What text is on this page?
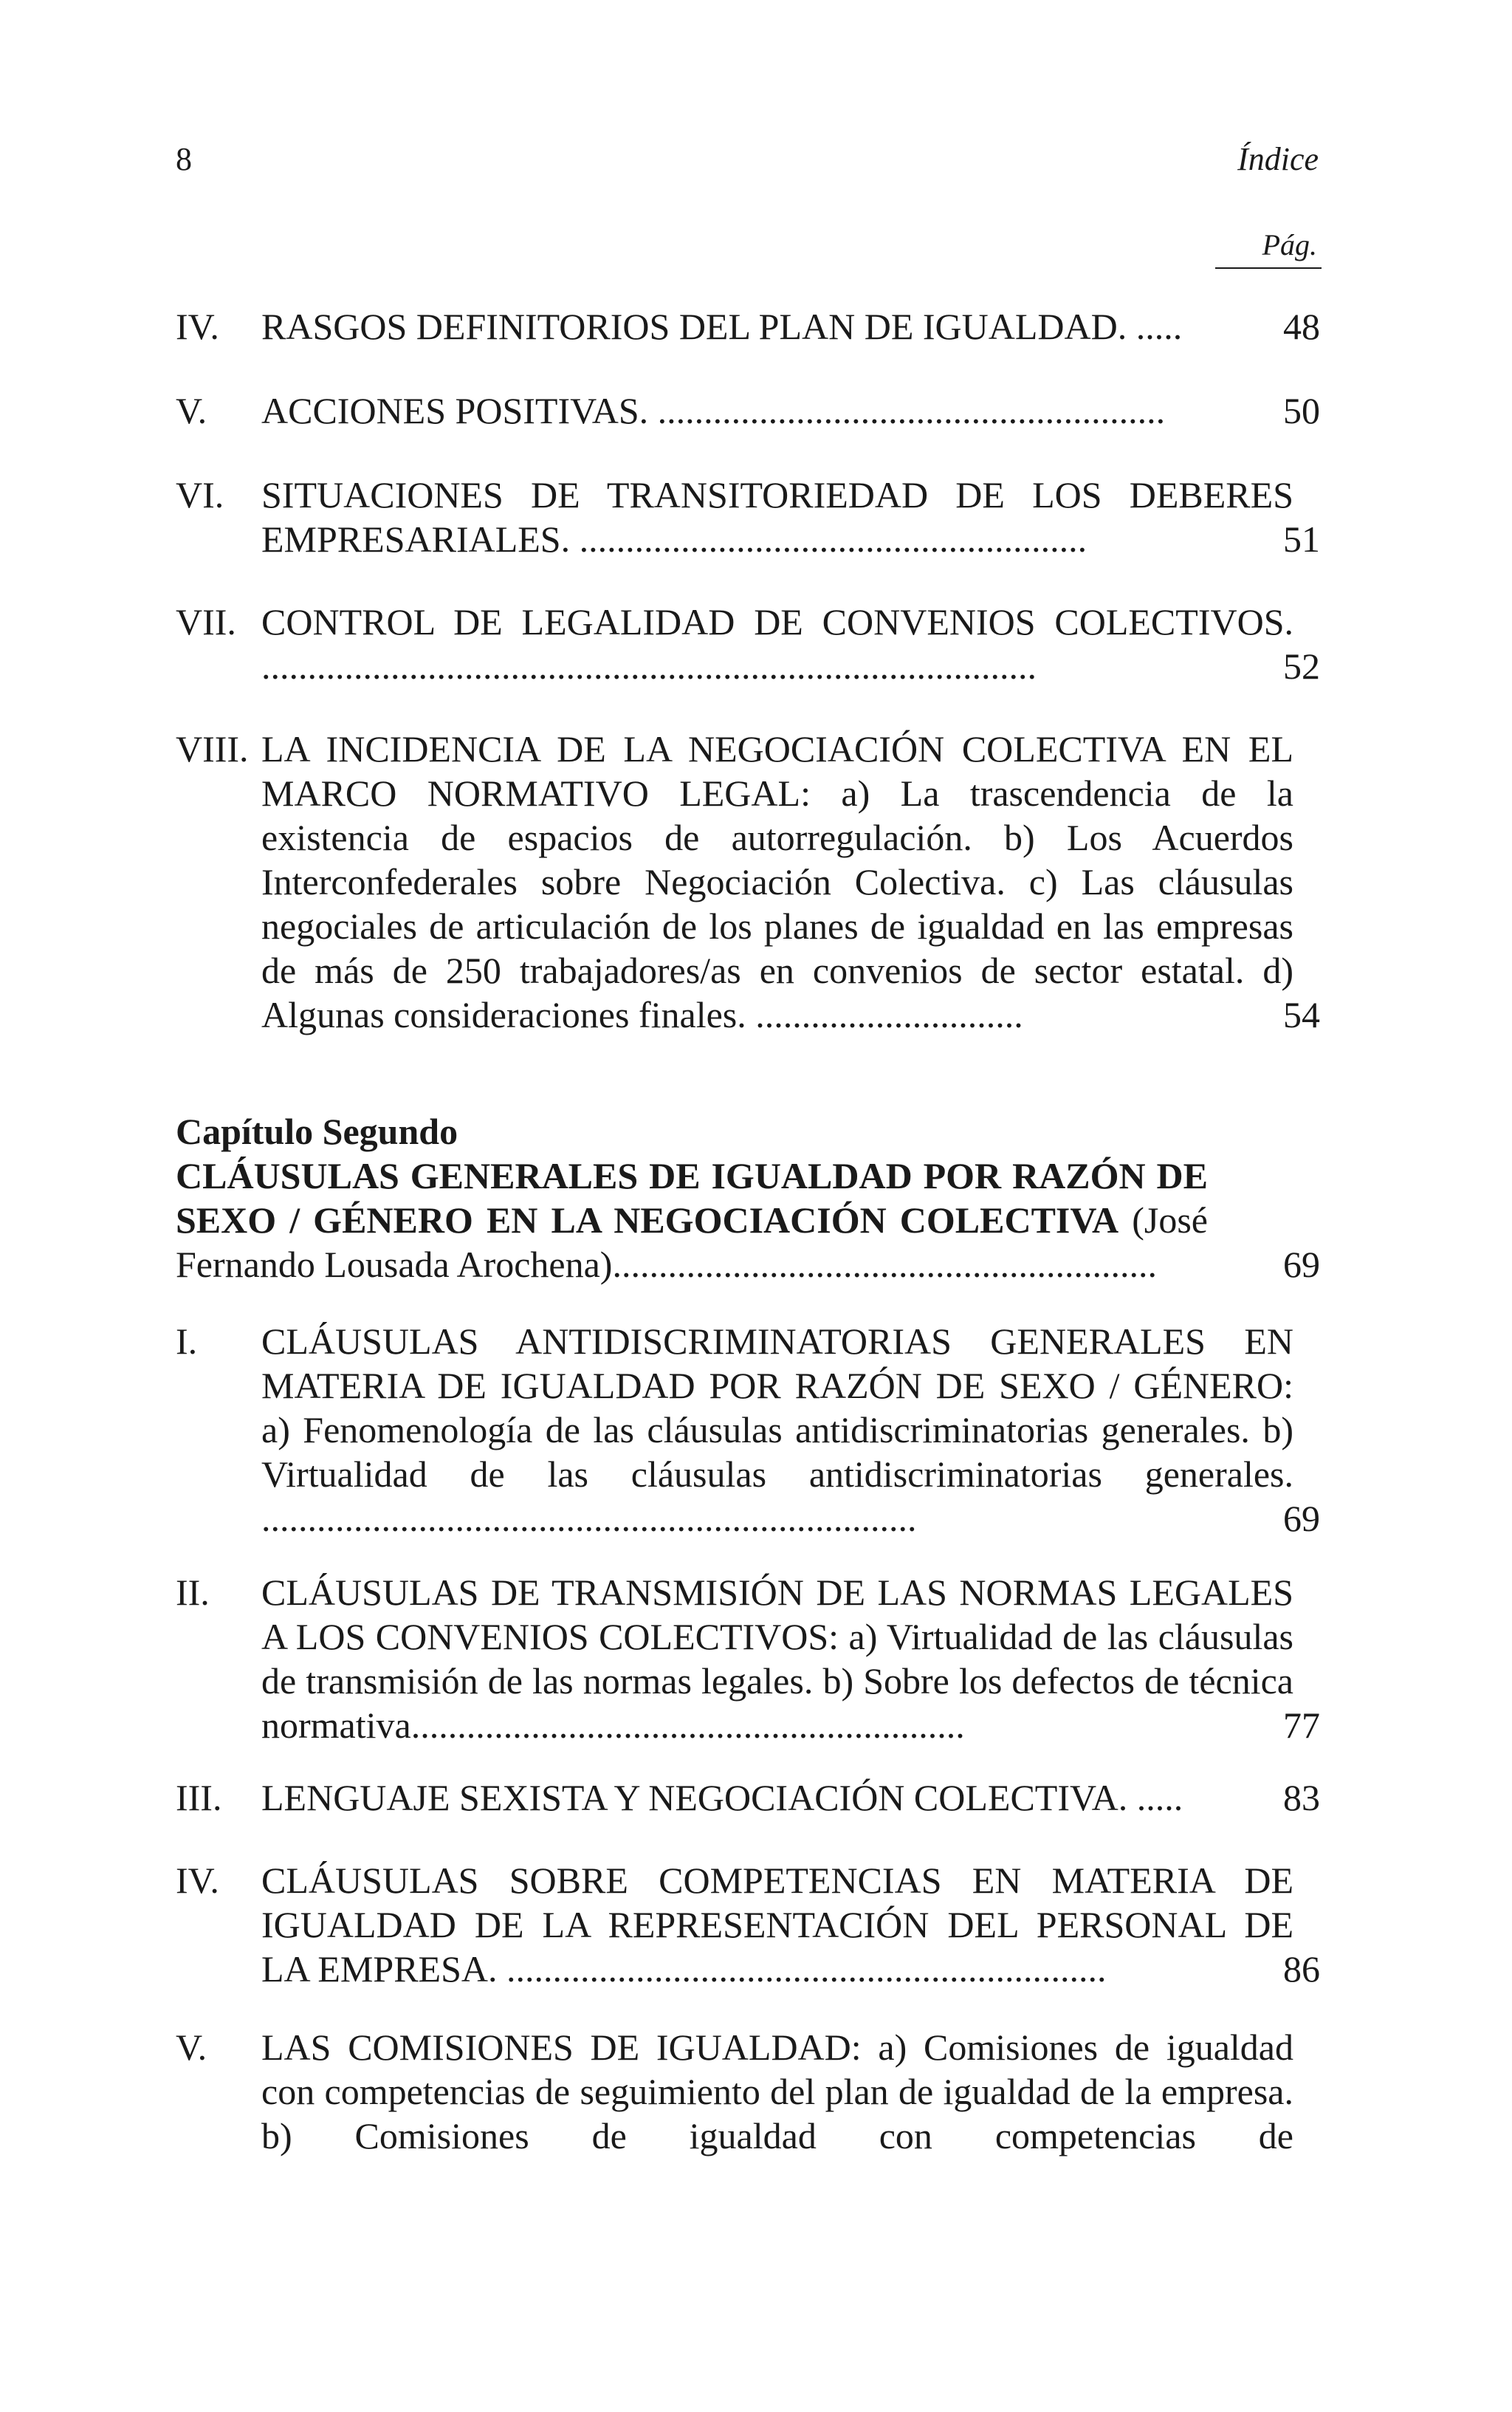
8	Índice
Pág.
IV.	RASGOS DEFINITORIOS DEL PLAN DE IGUALDAD. .....	48
V.	ACCIONES POSITIVAS. .......................................................	50
VI.	SITUACIONES DE TRANSITORIEDAD DE LOS DEBERES EMPRESARIALES. .......................................................	51
VII. CONTROL DE LEGALIDAD DE CONVENIOS COLECTIVOS. ....................................................................................	52
VIII. LA INCIDENCIA DE LA NEGOCIACIÓN COLECTIVA EN EL MARCO NORMATIVO LEGAL: a) La trascendencia de la existencia de espacios de autorregulación. b) Los Acuerdos Interconfederales sobre Negociación Colectiva. c) Las cláusulas negociales de articulación de los planes de igualdad en las empresas de más de 250 trabajadores/as en convenios de sector estatal. d) Algunas consideraciones finales. .............................	54
Capítulo Segundo
CLÁUSULAS GENERALES DE IGUALDAD POR RAZÓN DE SEXO / GÉNERO EN LA NEGOCIACIÓN COLECTIVA (José Fernando Lousada Arochena)...........................................................	69
I.	CLÁUSULAS ANTIDISCRIMINATORIAS GENERALES EN MATERIA DE IGUALDAD POR RAZÓN DE SEXO / GÉNERO: a) Fenomenología de las cláusulas antidiscriminatorias generales. b) Virtualidad de las cláusulas antidiscriminatorias generales. .......................................................................	69
II.	CLÁUSULAS DE TRANSMISIÓN DE LAS NORMAS LEGALES A LOS CONVENIOS COLECTIVOS: a) Virtualidad de las cláusulas de transmisión de las normas legales. b) Sobre los defectos de técnica normativa............................................................	77
III.	LENGUAJE SEXISTA Y NEGOCIACIÓN COLECTIVA. .....	83
IV.	CLÁUSULAS SOBRE COMPETENCIAS EN MATERIA DE IGUALDAD DE LA REPRESENTACIÓN DEL PERSONAL DE LA EMPRESA. .................................................................	86
V.	LAS COMISIONES DE IGUALDAD: a) Comisiones de igualdad con competencias de seguimiento del plan de igualdad de la empresa. b) Comisiones de igualdad con competencias de
